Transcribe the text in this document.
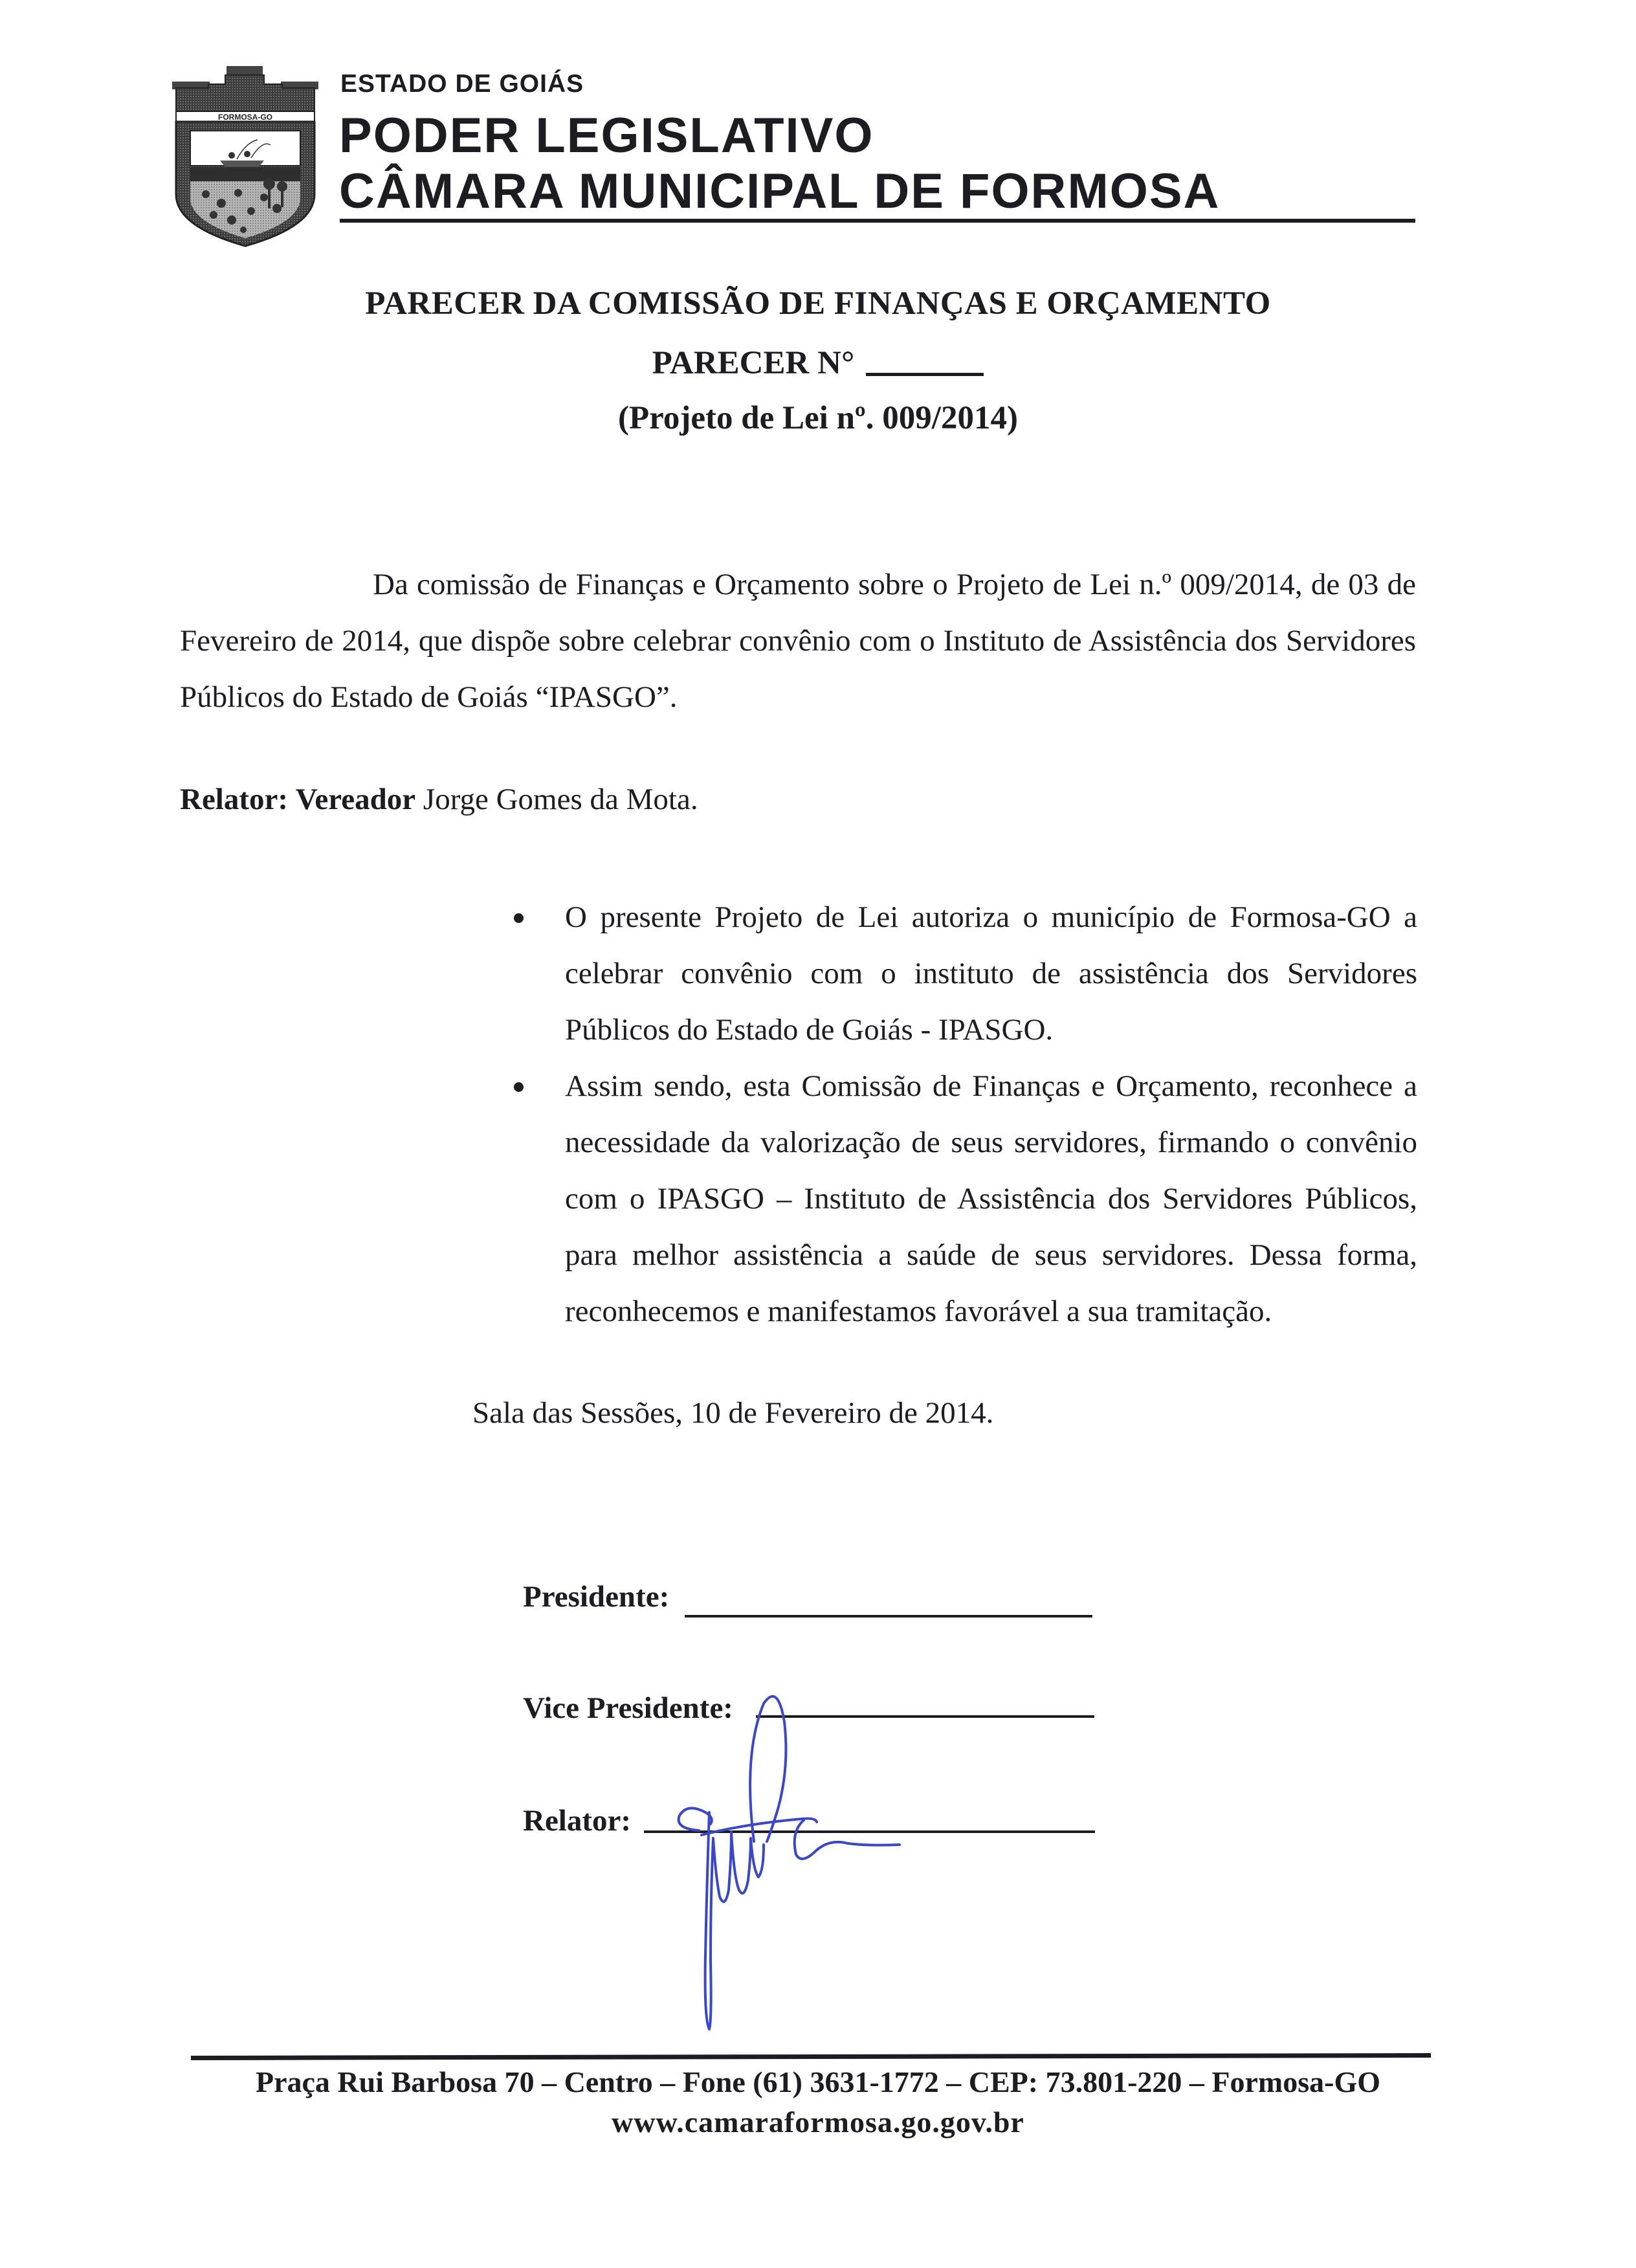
FORMOSA-GO
ESTADO DE GOIÁS
PODER LEGISLATIVO
CÂMARA MUNICIPAL DE FORMOSA
PARECER DA COMISSÃO DE FINANÇAS E ORÇAMENTO
PARECER N°
(Projeto de Lei nº. 009/2014)

Da comissão de Finanças e Orçamento sobre o Projeto de Lei n.º 009/2014, de 03 de Fevereiro de 2014, que dispõe sobre celebrar convênio com o Instituto de Assistência dos Servidores Públicos do Estado de Goiás “IPASGO”.

Relator: Vereador Jorge Gomes da Mota.
O presente Projeto de Lei autoriza o município de Formosa-GO a celebrar convênio com o instituto de assistência dos Servidores Públicos do Estado de Goiás - IPASGO.
Assim sendo, esta Comissão de Finanças e Orçamento, reconhece a necessidade da valorização de seus servidores, firmando o convênio com o IPASGO – Instituto de Assistência dos Servidores Públicos, para melhor assistência a saúde de seus servidores. Dessa forma, reconhecemos e manifestamos favorável a sua tramitação.
Sala das Sessões, 10 de Fevereiro de 2014.
Presidente:
Vice Presidente:
Relator:
Praça Rui Barbosa 70 – Centro – Fone (61) 3631-1772 – CEP: 73.801-220 – Formosa-GO
www.camaraformosa.go.gov.br
